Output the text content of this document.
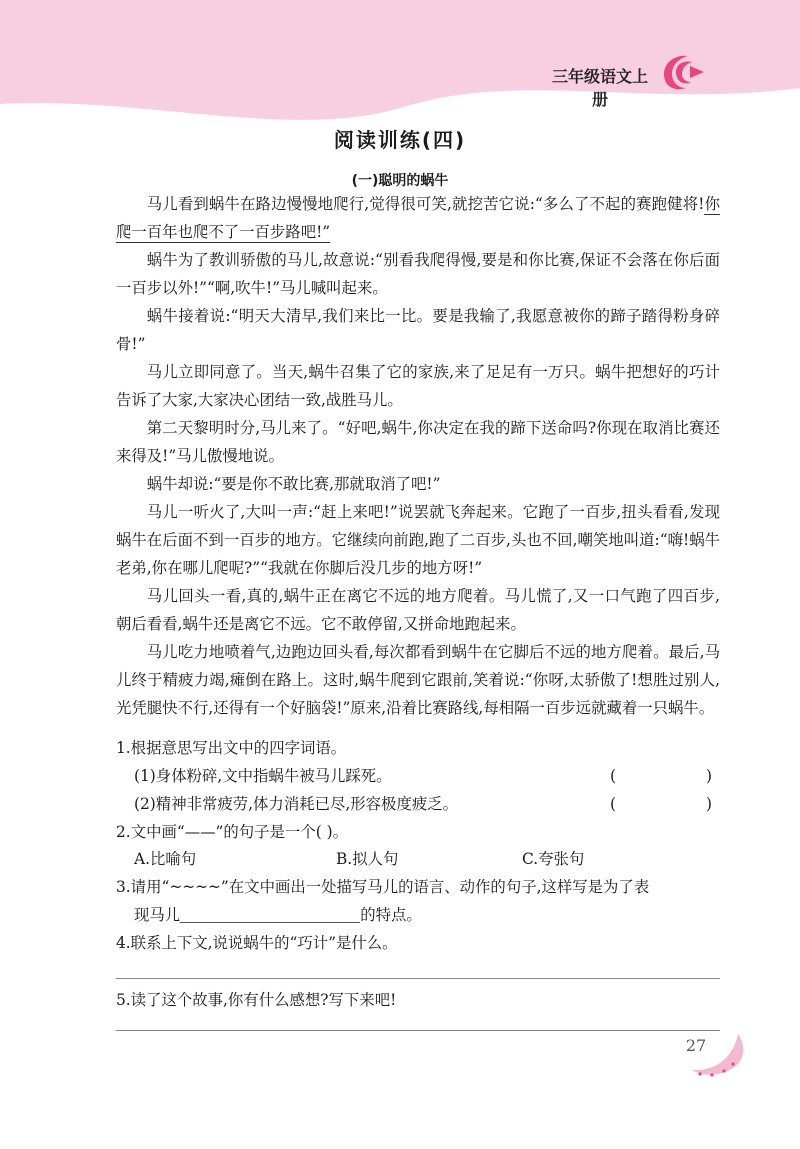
三年级语文上册
阅读训练(四)
(一)聪明的蜗牛

马儿看到蜗牛在路边慢慢地爬行,觉得很可笑,就挖苦它说:“多么了不起的赛跑健将!你爬一百年也爬不了一百步路吧!”

蜗牛为了教训骄傲的马儿,故意说:“别看我爬得慢,要是和你比赛,保证不会落在你后面一百步以外!”“啊,吹牛!”马儿喊叫起来。

蜗牛接着说:“明天大清早,我们来比一比。要是我输了,我愿意被你的蹄子踏得粉身碎骨!”

马儿立即同意了。当天,蜗牛召集了它的家族,来了足足有一万只。蜗牛把想好的巧计告诉了大家,大家决心团结一致,战胜马儿。

第二天黎明时分,马儿来了。“好吧,蜗牛,你决定在我的蹄下送命吗?你现在取消比赛还来得及!”马儿傲慢地说。

蜗牛却说:“要是你不敢比赛,那就取消了吧!”

马儿一听火了,大叫一声:“赶上来吧!”说罢就飞奔起来。它跑了一百步,扭头看看,发现蜗牛在后面不到一百步的地方。它继续向前跑,跑了二百步,头也不回,嘲笑地叫道:“嗨!蜗牛老弟,你在哪儿爬呢?”“我就在你脚后没几步的地方呀!”

马儿回头一看,真的,蜗牛正在离它不远的地方爬着。马儿慌了,又一口气跑了四百步,朝后看看,蜗牛还是离它不远。它不敢停留,又拼命地跑起来。

马儿吃力地喷着气,边跑边回头看,每次都看到蜗牛在它脚后不远的地方爬着。最后,马儿终于精疲力竭,瘫倒在路上。这时,蜗牛爬到它跟前,笑着说:“你呀,太骄傲了!想胜过别人,光凭腿快不行,还得有一个好脑袋!”原来,沿着比赛路线,每相隔一百步远就藏着一只蜗牛。

1.根据意思写出文中的四字词语。
(1)身体粉碎,文中指蜗牛被马儿踩死。	(	)
(2)精神非常疲劳,体力消耗已尽,形容极度疲乏。	(	)
2.文中画“——”的句子是一个( )。
A.比喻句	B.拟人句	C.夸张句
3.请用“~~~~”在文中画出一处描写马儿的语言、动作的句子,这样写是为了表
现马儿	的特点。
4.联系上下文,说说蜗牛的“巧计”是什么。
5.读了这个故事,你有什么感想?写下来吧!
27
